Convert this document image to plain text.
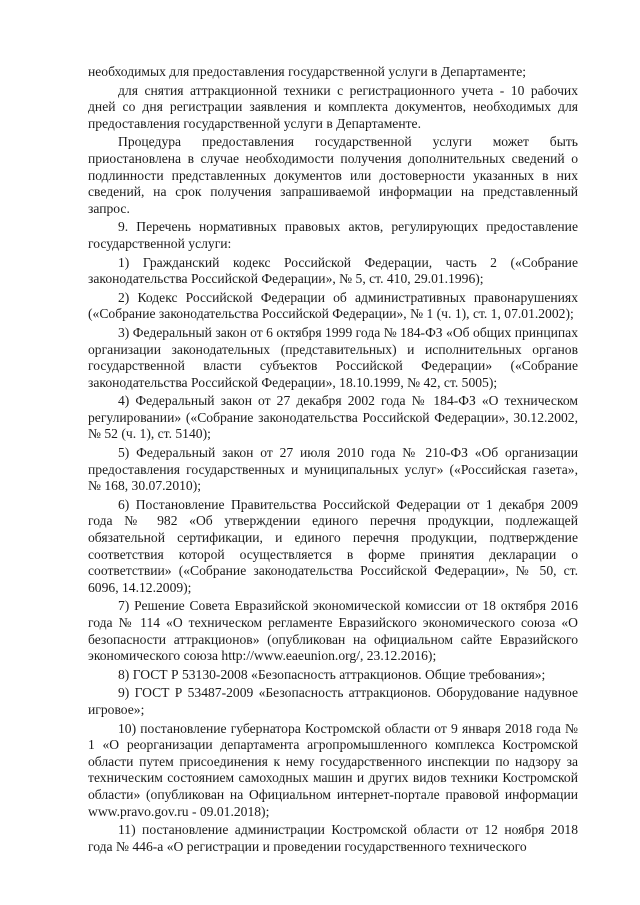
необходимых для предоставления государственной услуги в Департаменте;

для снятия аттракционной техники с регистрационного учета - 10 рабочих дней со дня регистрации заявления и комплекта документов, необходимых для предоставления государственной услуги в Департаменте.

Процедура предоставления государственной услуги может быть приостановлена в случае необходимости получения дополнительных сведений о подлинности представленных документов или достоверности указанных в них сведений, на срок получения запрашиваемой информации на представленный запрос.

9. Перечень нормативных правовых актов, регулирующих предоставление государственной услуги:

1) Гражданский кодекс Российской Федерации, часть 2 («Собрание законодательства Российской Федерации», № 5, ст. 410, 29.01.1996);

2) Кодекс Российской Федерации об административных правонарушениях («Собрание законодательства Российской Федерации», № 1 (ч. 1), ст. 1, 07.01.2002);

3) Федеральный закон от 6 октября 1999 года № 184-ФЗ «Об общих принципах организации законодательных (представительных) и исполнительных органов государственной власти субъектов Российской Федерации» («Собрание законодательства Российской Федерации», 18.10.1999, № 42, ст. 5005);

4) Федеральный закон от 27 декабря 2002 года № 184-ФЗ «О техническом регулировании» («Собрание законодательства Российской Федерации», 30.12.2002, № 52 (ч. 1), ст. 5140);

5) Федеральный закон от 27 июля 2010 года № 210-ФЗ «Об организации предоставления государственных и муниципальных услуг» («Российская газета», № 168, 30.07.2010);

6) Постановление Правительства Российской Федерации от 1 декабря 2009 года № 982 «Об утверждении единого перечня продукции, подлежащей обязательной сертификации, и единого перечня продукции, подтверждение соответствия которой осуществляется в форме принятия декларации о соответствии» («Собрание законодательства Российской Федерации», № 50, ст. 6096, 14.12.2009);

7) Решение Совета Евразийской экономической комиссии от 18 октября 2016 года № 114 «О техническом регламенте Евразийского экономического союза «О безопасности аттракционов» (опубликован на официальном сайте Евразийского экономического союза http://www.eaeunion.org/, 23.12.2016);

8) ГОСТ Р 53130-2008 «Безопасность аттракционов. Общие требования»;

9) ГОСТ Р 53487-2009 «Безопасность аттракционов. Оборудование надувное игровое»;

10) постановление губернатора Костромской области от 9 января 2018 года № 1 «О реорганизации департамента агропромышленного комплекса Костромской области путем присоединения к нему государственного инспекции по надзору за техническим состоянием самоходных машин и других видов техники Костромской области» (опубликован на Официальном интернет-портале правовой информации www.pravo.gov.ru - 09.01.2018);

11) постановление администрации Костромской области от 12 ноября 2018 года № 446-а «О регистрации и проведении государственного технического
